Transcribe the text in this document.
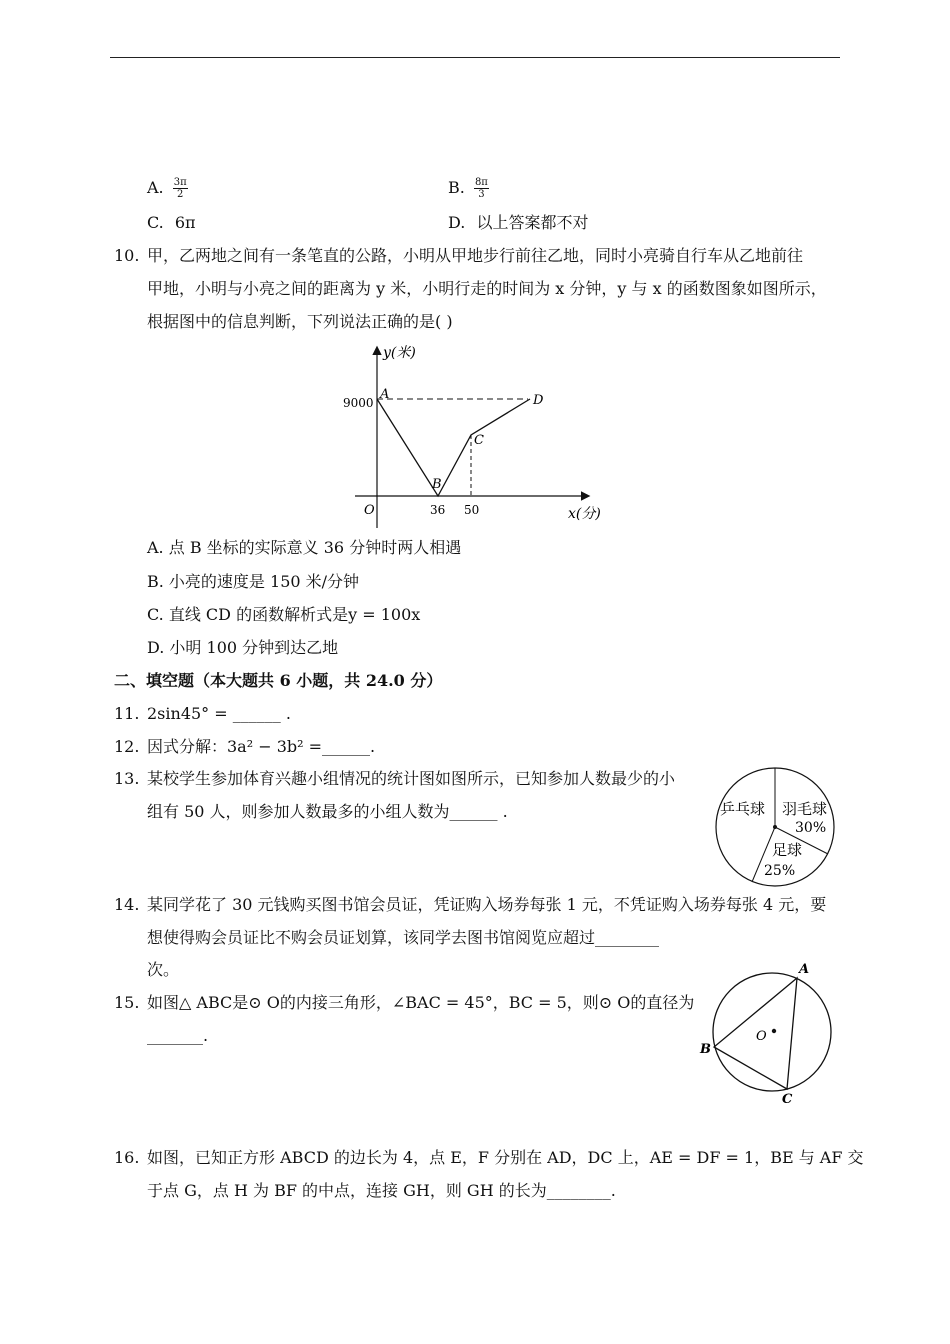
A. $\frac{3\pi}{2}$	B. $\frac{8\pi}{3}$
C. 6π	D. 以上答案都不对
10. 甲，乙两地之间有一条笔直的公路，小明从甲地步行前往乙地，同时小亮骑自行车从乙地前往
甲地，小明与小亮之间的距离为 y 米，小明行走的时间为 x 分钟，y 与 x 的函数图象如图所示，
根据图中的信息判断，下列说法正确的是( )
y(米)
A
9000	D
C
B
O	36 50	x(分)
A. 点 B 坐标的实际意义 36 分钟时两人相遇
B. 小亮的速度是 150 米/分钟
C. 直线 CD 的函数解析式是y = 100x
D. 小明 100 分钟到达乙地
二、填空题（本大题共 6 小题，共 24.0 分）
11. 2sin45° = ______ .
12. 因式分解：3a² − 3b² =______.
13. 某校学生参加体育兴趣小组情况的统计图如图所示，已知参加人数最少的小
组有 50 人，则参加人数最多的小组人数为______ .	乒乓球 羽毛球
30%
足球
25%
14. 某同学花了 30 元钱购买图书馆会员证，凭证购入场券每张 1 元，不凭证购入场券每张 4 元，要
想使得购会员证比不购会员证划算，该同学去图书馆阅览应超过________
次。
15. 如图△ ABC是⊙ O的内接三角形，∠BAC = 45°，BC = 5，则⊙ O的直径为
_______.
A
B
C
O
16. 如图，已知正方形 ABCD 的边长为 4，点 E，F 分别在 AD，DC 上，AE = DF = 1，BE 与 AF 交
于点 G，点 H 为 BF 的中点，连接 GH，则 GH 的长为________.
